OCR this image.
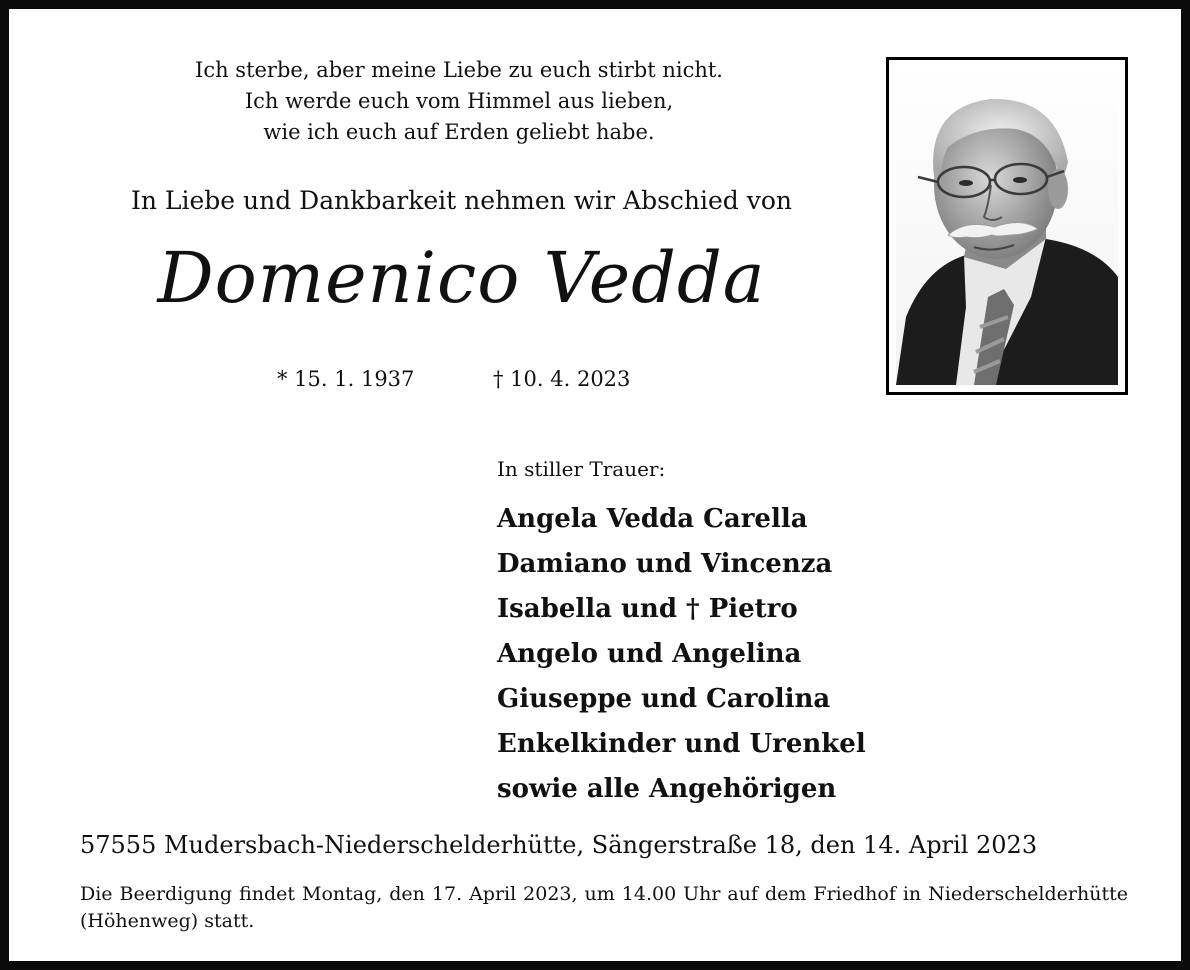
Ich sterbe, aber meine Liebe zu euch stirbt nicht.
Ich werde euch vom Himmel aus lieben,
wie ich euch auf Erden geliebt habe.
In Liebe und Dankbarkeit nehmen wir Abschied von
Domenico Vedda
* 15. 1. 1937	† 10. 4. 2023
In stiller Trauer:
Angela Vedda Carella
Damiano und Vincenza
Isabella und † Pietro
Angelo und Angelina
Giuseppe und Carolina
Enkelkinder und Urenkel
sowie alle Angehörigen
57555 Mudersbach-Niederschelderhütte, Sängerstraße 18, den 14. April 2023
Die Beerdigung findet Montag, den 17. April 2023, um 14.00 Uhr auf dem Friedhof in Niederschelderhütte (Höhenweg) statt.
